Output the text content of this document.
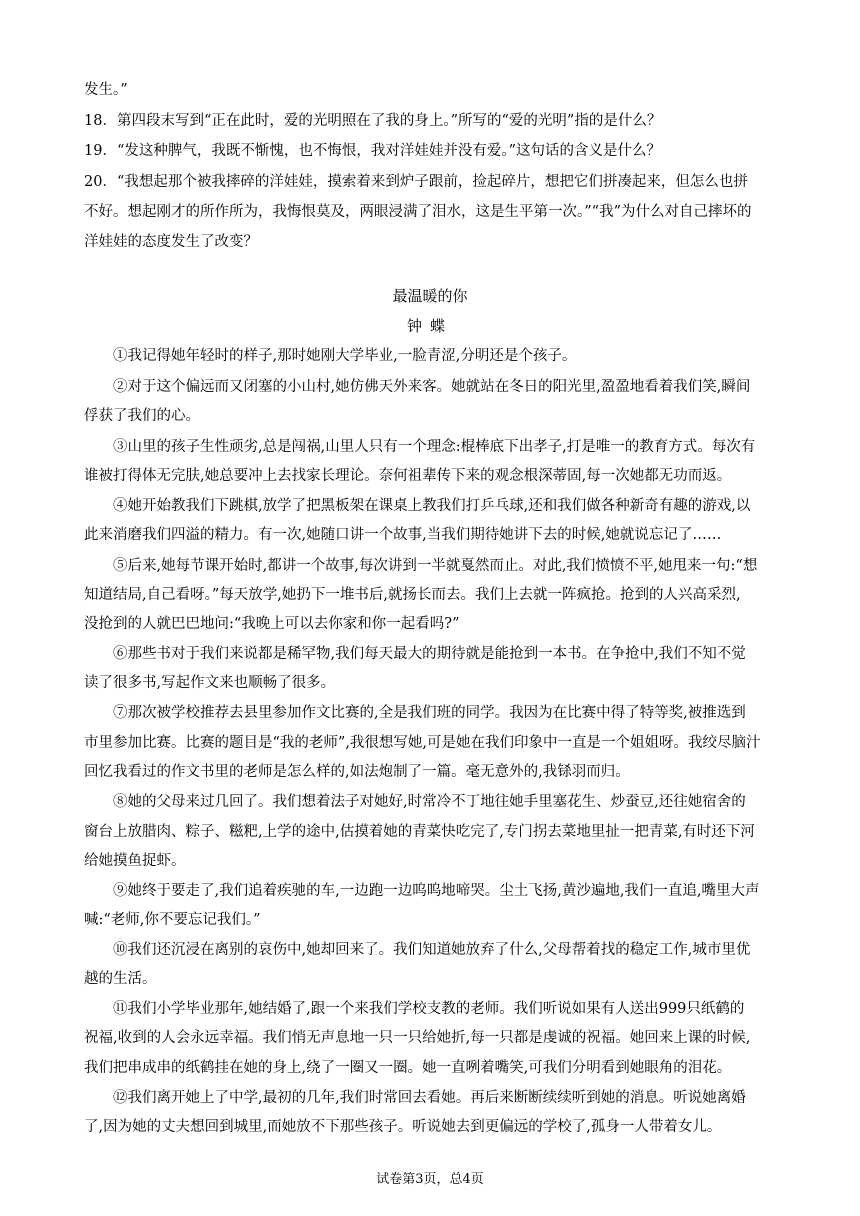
发生。”
18．第四段末写到“正在此时，爱的光明照在了我的身上。”所写的“爱的光明”指的是什么？
19．“发这种脾气，我既不惭愧，也不悔恨，我对洋娃娃并没有爱。”这句话的含义是什么？
20．“我想起那个被我摔碎的洋娃娃，摸索着来到炉子跟前，捡起碎片，想把它们拼凑起来，但怎么也拼
不好。想起刚才的所作所为，我悔恨莫及，两眼浸满了泪水，这是生平第一次。”“我”为什么对自己摔坏的
洋娃娃的态度发生了改变？
最温暖的你
钟蝶
①我记得她年轻时的样子,那时她刚大学毕业,一脸青涩,分明还是个孩子。
②对于这个偏远而又闭塞的小山村,她仿佛天外来客。她就站在冬日的阳光里,盈盈地看着我们笑,瞬间
俘获了我们的心。
③山里的孩子生性顽劣,总是闯祸,山里人只有一个理念:棍棒底下出孝子,打是唯一的教育方式。每次有
谁被打得体无完肤,她总要冲上去找家长理论。奈何祖辈传下来的观念根深蒂固,每一次她都无功而返。
④她开始教我们下跳棋,放学了把黑板架在课桌上教我们打乒乓球,还和我们做各种新奇有趣的游戏,以
此来消磨我们四溢的精力。有一次,她随口讲一个故事,当我们期待她讲下去的时候,她就说忘记了……
⑤后来,她每节课开始时,都讲一个故事,每次讲到一半就戛然而止。对此,我们愤愤不平,她甩来一句:“想
知道结局,自己看呀。”每天放学,她扔下一堆书后,就扬长而去。我们上去就一阵疯抢。抢到的人兴高采烈,
没抢到的人就巴巴地问:“我晚上可以去你家和你一起看吗?”
⑥那些书对于我们来说都是稀罕物,我们每天最大的期待就是能抢到一本书。在争抢中,我们不知不觉
读了很多书,写起作文来也顺畅了很多。
⑦那次被学校推荐去县里参加作文比赛的,全是我们班的同学。我因为在比赛中得了特等奖,被推选到
市里参加比赛。比赛的题目是“我的老师”,我很想写她,可是她在我们印象中一直是一个姐姐呀。我绞尽脑汁
回忆我看过的作文书里的老师是怎么样的,如法炮制了一篇。毫无意外的,我铩羽而归。
⑧她的父母来过几回了。我们想着法子对她好,时常冷不丁地往她手里塞花生、炒蚕豆,还往她宿舍的
窗台上放腊肉、粽子、糍粑,上学的途中,估摸着她的青菜快吃完了,专门拐去菜地里扯一把青菜,有时还下河
给她摸鱼捉虾。
⑨她终于要走了,我们追着疾驰的车,一边跑一边呜呜地啼哭。尘土飞扬,黄沙遍地,我们一直追,嘴里大声
喊:“老师,你不要忘记我们。”
⑩我们还沉浸在离别的哀伤中,她却回来了。我们知道她放弃了什么,父母帮着找的稳定工作,城市里优
越的生活。
⑪我们小学毕业那年,她结婚了,跟一个来我们学校支教的老师。我们听说如果有人送出999只纸鹤的
祝福,收到的人会永远幸福。我们悄无声息地一只一只给她折,每一只都是虔诚的祝福。她回来上课的时候,
我们把串成串的纸鹤挂在她的身上,绕了一圈又一圈。她一直咧着嘴笑,可我们分明看到她眼角的泪花。
⑫我们离开她上了中学,最初的几年,我们时常回去看她。再后来断断续续听到她的消息。听说她离婚
了,因为她的丈夫想回到城里,而她放不下那些孩子。听说她去到更偏远的学校了,孤身一人带着女儿。
试卷第3页，总4页
